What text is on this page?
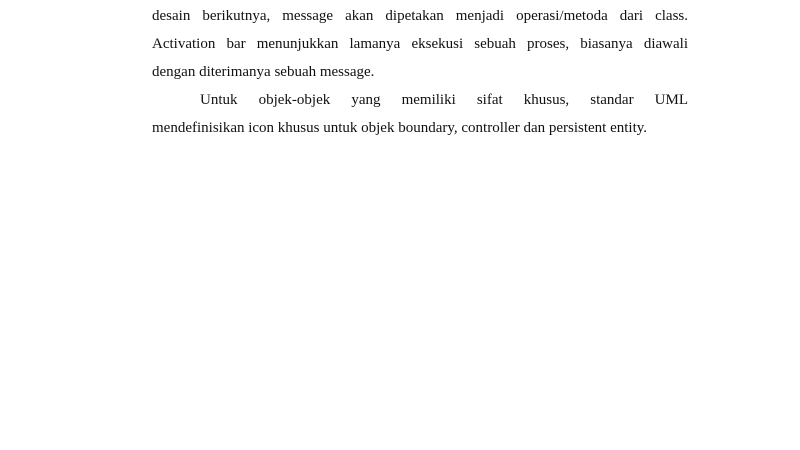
desain berikutnya, message akan dipetakan menjadi operasi/metoda dari class.
Activation bar menunjukkan lamanya eksekusi sebuah proses, biasanya diawali
dengan diterimanya sebuah message.

Untuk objek-objek yang memiliki sifat khusus, standar UML
mendefinisikan icon khusus untuk objek boundary, controller dan persistent entity.
